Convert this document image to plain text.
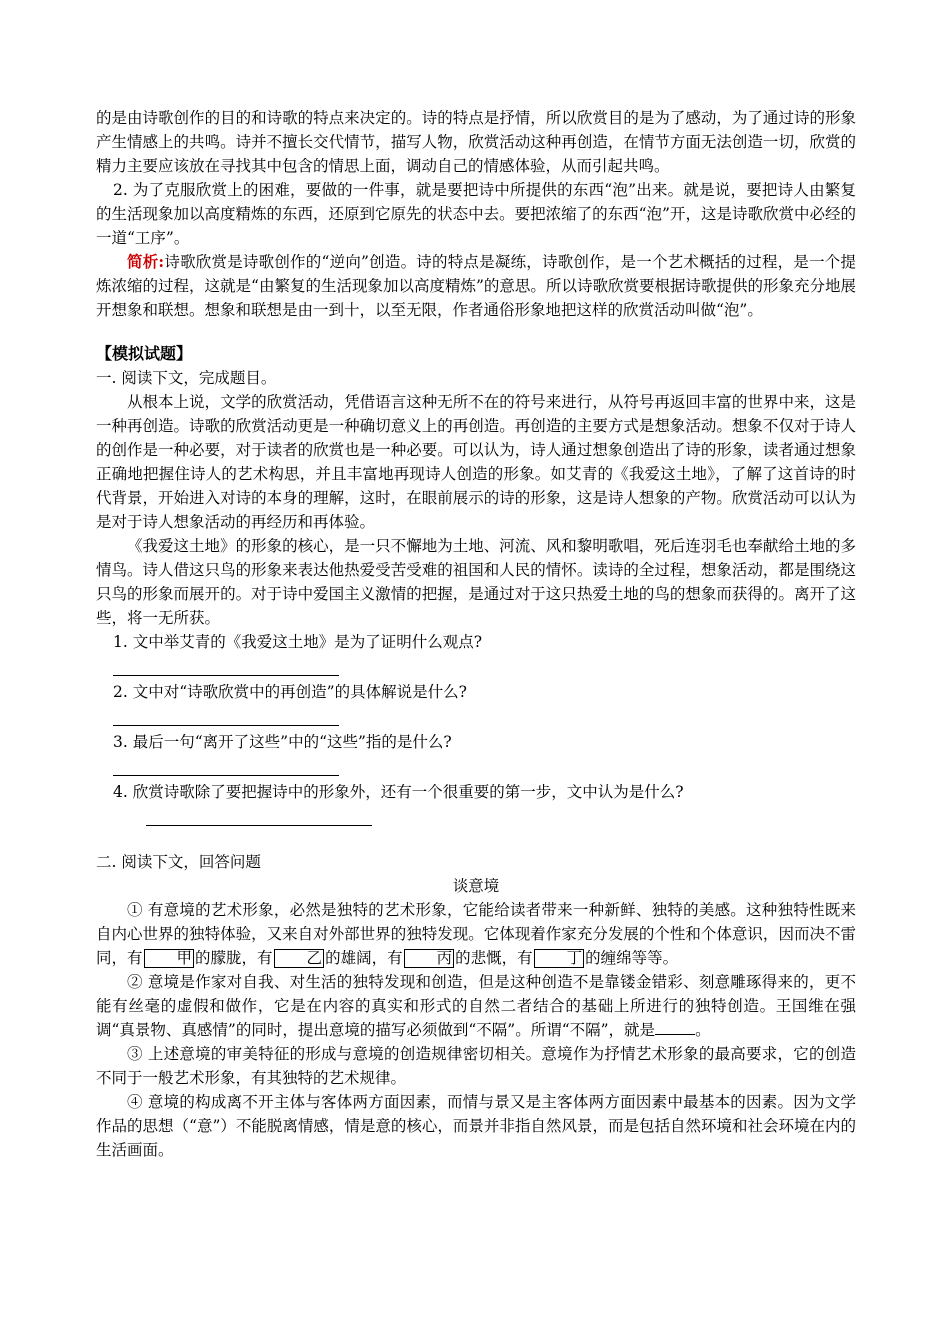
的是由诗歌创作的目的和诗歌的特点来决定的。诗的特点是抒情，所以欣赏目的是为了感动，为了通过诗的形象产生情感上的共鸣。诗并不擅长交代情节，描写人物，欣赏活动这种再创造，在情节方面无法创造一切，欣赏的精力主要应该放在寻找其中包含的情思上面，调动自己的情感体验，从而引起共鸣。

2. 为了克服欣赏上的困难，要做的一件事，就是要把诗中所提供的东西“泡”出来。就是说，要把诗人由繁复的生活现象加以高度精炼的东西，还原到它原先的状态中去。要把浓缩了的东西“泡”开，这是诗歌欣赏中必经的一道“工序”。

简析:诗歌欣赏是诗歌创作的“逆向”创造。诗的特点是凝练，诗歌创作，是一个艺术概括的过程，是一个提炼浓缩的过程，这就是“由繁复的生活现象加以高度精炼”的意思。所以诗歌欣赏要根据诗歌提供的形象充分地展开想象和联想。想象和联想是由一到十，以至无限，作者通俗形象地把这样的欣赏活动叫做“泡”。

【模拟试题】

一. 阅读下文，完成题目。

从根本上说，文学的欣赏活动，凭借语言这种无所不在的符号来进行，从符号再返回丰富的世界中来，这是一种再创造。诗歌的欣赏活动更是一种确切意义上的再创造。再创造的主要方式是想象活动。想象不仅对于诗人的创作是一种必要，对于读者的欣赏也是一种必要。可以认为，诗人通过想象创造出了诗的形象，读者通过想象正确地把握住诗人的艺术构思，并且丰富地再现诗人创造的形象。如艾青的《我爱这土地》，了解了这首诗的时代背景，开始进入对诗的本身的理解，这时，在眼前展示的诗的形象，这是诗人想象的产物。欣赏活动可以认为是对于诗人想象活动的再经历和再体验。

《我爱这土地》的形象的核心，是一只不懈地为土地、河流、风和黎明歌唱，死后连羽毛也奉献给土地的多情鸟。诗人借这只鸟的形象来表达他热爱受苦受难的祖国和人民的情怀。读诗的全过程，想象活动，都是围绕这只鸟的形象而展开的。对于诗中爱国主义激情的把握，是通过对于这只热爱土地的鸟的想象而获得的。离开了这些，将一无所获。

1. 文中举艾青的《我爱这土地》是为了证明什么观点?

2. 文中对“诗歌欣赏中的再创造”的具体解说是什么?

3. 最后一句“离开了这些”中的“这些”指的是什么?

4. 欣赏诗歌除了要把握诗中的形象外，还有一个很重要的第一步，文中认为是什么?

二. 阅读下文，回答问题

谈意境

① 有意境的艺术形象，必然是独特的艺术形象，它能给读者带来一种新鲜、独特的美感。这种独特性既来自内心世界的独特体验，又来自对外部世界的独特发现。它体现着作家充分发展的个性和个体意识，因而决不雷同，有 甲 的朦胧，有 乙 的雄阔，有 丙 的悲慨，有 丁 的缠绵等等。

② 意境是作家对自我、对生活的独特发现和创造，但是这种创造不是靠镂金错彩、刻意雕琢得来的，更不能有丝毫的虚假和做作，它是在内容的真实和形式的自然二者结合的基础上所进行的独特创造。王国维在强调“真景物、真感情”的同时，提出意境的描写必须做到“不隔”。所谓“不隔”，就是	。

③ 上述意境的审美特征的形成与意境的创造规律密切相关。意境作为抒情艺术形象的最高要求，它的创造不同于一般艺术形象，有其独特的艺术规律。

④ 意境的构成离不开主体与客体两方面因素，而情与景又是主客体两方面因素中最基本的因素。因为文学作品的思想（“意”）不能脱离情感，情是意的核心，而景并非指自然风景，而是包括自然环境和社会环境在内的生活画面。
